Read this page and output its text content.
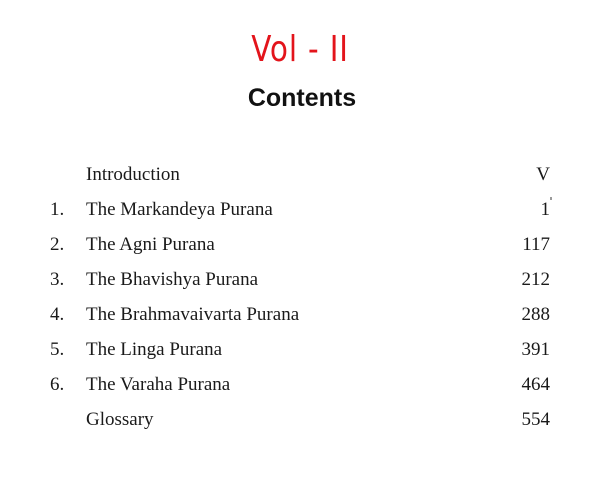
Vol - II
Contents
Introduction	V
1. The Markandeya Purana	1
2. The Agni Purana	117
3. The Bhavishya Purana	212
4. The Brahmavaivarta Purana	288
5. The Linga Purana	391
6. The Varaha Purana	464
Glossary	554
